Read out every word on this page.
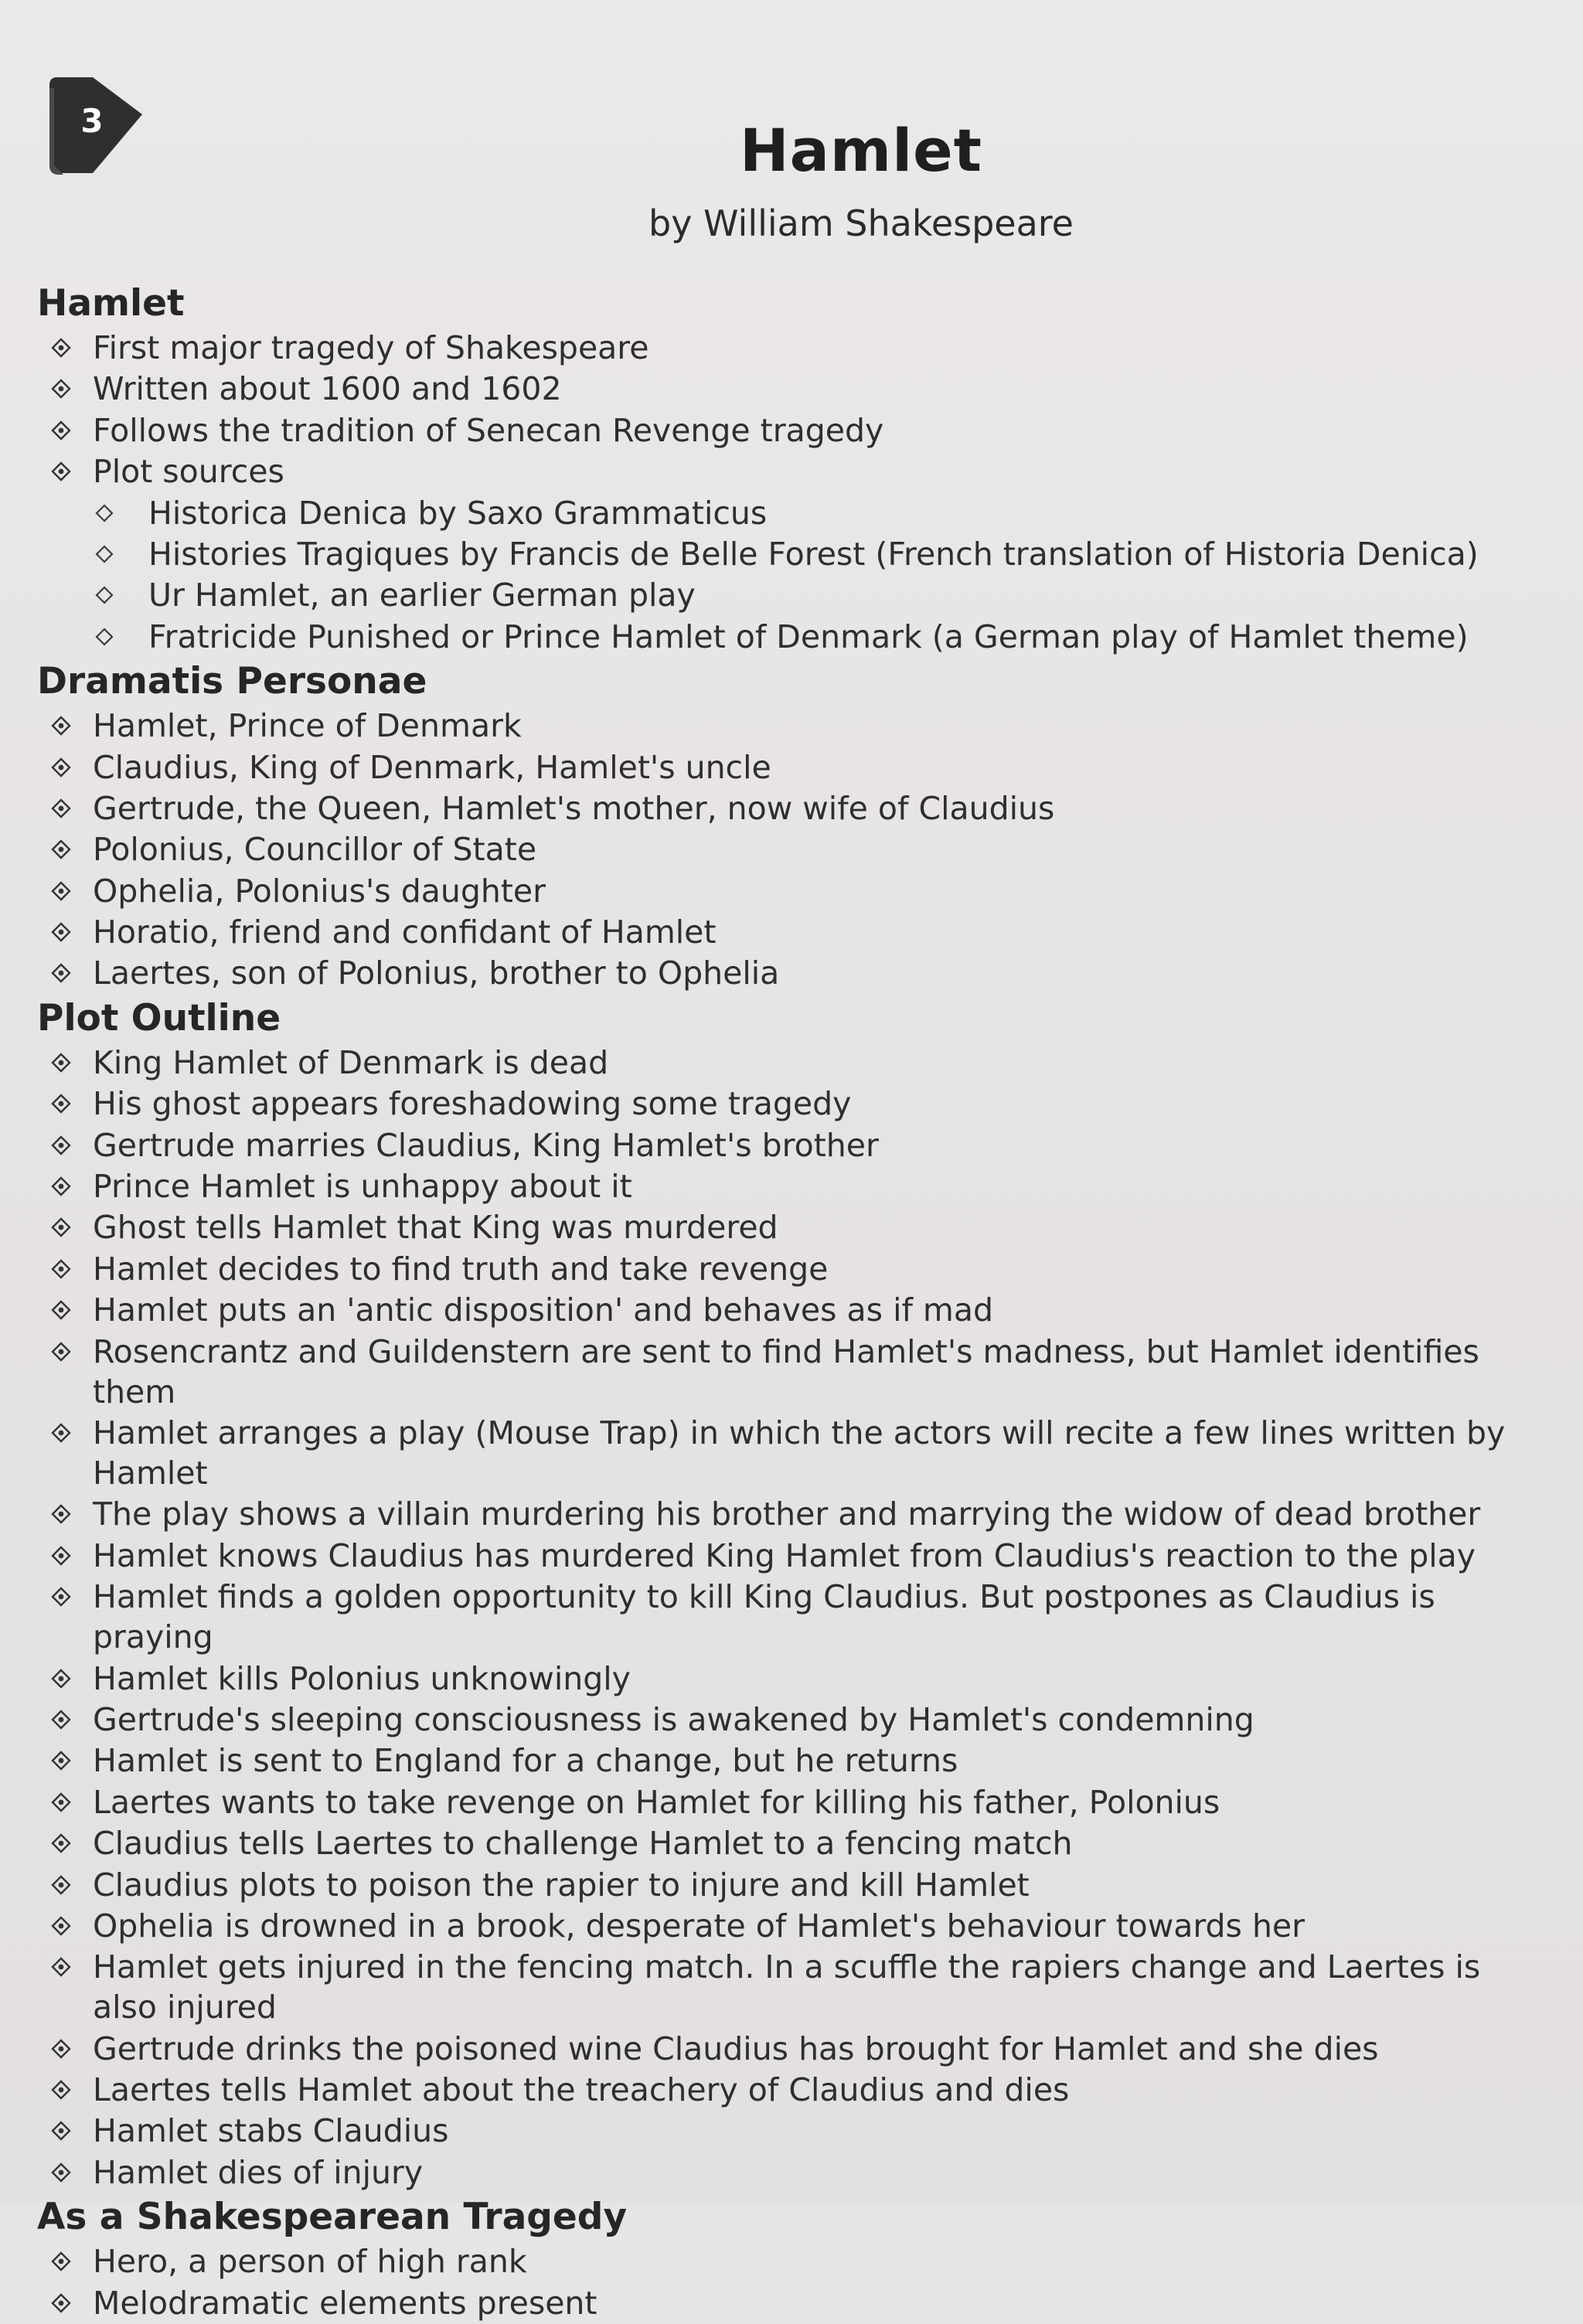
3	Hamlet
by William Shakespeare
Hamlet
First major tragedy of Shakespeare
Written about 1600 and 1602
Follows the tradition of Senecan Revenge tragedy
Plot sources
Historica Denica by Saxo Grammaticus
Histories Tragiques by Francis de Belle Forest (French translation of Historia Denica)
Ur Hamlet, an earlier German play
Fratricide Punished or Prince Hamlet of Denmark (a German play of Hamlet theme)
Dramatis Personae
Hamlet, Prince of Denmark
Claudius, King of Denmark, Hamlet's uncle
Gertrude, the Queen, Hamlet's mother, now wife of Claudius
Polonius, Councillor of State
Ophelia, Polonius's daughter
Horatio, friend and confidant of Hamlet
Laertes, son of Polonius, brother to Ophelia
Plot Outline
King Hamlet of Denmark is dead
His ghost appears foreshadowing some tragedy
Gertrude marries Claudius, King Hamlet's brother
Prince Hamlet is unhappy about it
Ghost tells Hamlet that King was murdered
Hamlet decides to find truth and take revenge
Hamlet puts an 'antic disposition' and behaves as if mad
Rosencrantz and Guildenstern are sent to find Hamlet's madness, but Hamlet identifies them
Hamlet arranges a play (Mouse Trap) in which the actors will recite a few lines written by Hamlet
The play shows a villain murdering his brother and marrying the widow of dead brother
Hamlet knows Claudius has murdered King Hamlet from Claudius's reaction to the play
Hamlet finds a golden opportunity to kill King Claudius. But postpones as Claudius is praying
Hamlet kills Polonius unknowingly
Gertrude's sleeping consciousness is awakened by Hamlet's condemning
Hamlet is sent to England for a change, but he returns
Laertes wants to take revenge on Hamlet for killing his father, Polonius
Claudius tells Laertes to challenge Hamlet to a fencing match
Claudius plots to poison the rapier to injure and kill Hamlet
Ophelia is drowned in a brook, desperate of Hamlet's behaviour towards her
Hamlet gets injured in the fencing match. In a scuffle the rapiers change and Laertes is also injured
Gertrude drinks the poisoned wine Claudius has brought for Hamlet and she dies
Laertes tells Hamlet about the treachery of Claudius and dies
Hamlet stabs Claudius
Hamlet dies of injury
As a Shakespearean Tragedy
Hero, a person of high rank
Melodramatic elements present
